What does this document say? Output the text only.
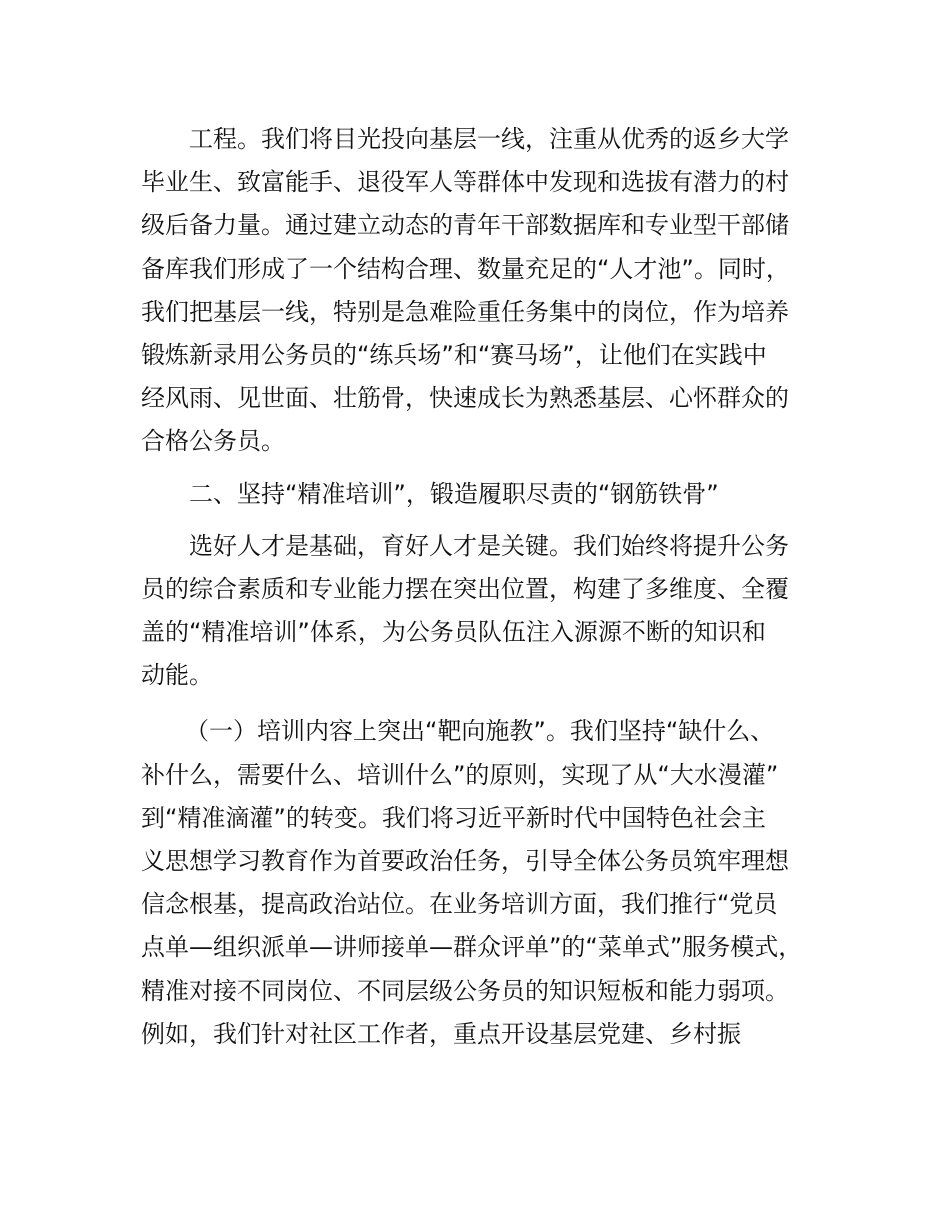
工程。我们将目光投向基层一线，注重从优秀的返乡大学
毕业生、致富能手、退役军人等群体中发现和选拔有潜力的村
级后备力量。通过建立动态的青年干部数据库和专业型干部储
备库我们形成了一个结构合理、数量充足的“人才池”。同时，
我们把基层一线，特别是急难险重任务集中的岗位，作为培养
锻炼新录用公务员的“练兵场”和“赛马场”，让他们在实践中
经风雨、见世面、壮筋骨，快速成长为熟悉基层、心怀群众的
合格公务员。
二、坚持“精准培训”，锻造履职尽责的“钢筋铁骨”
选好人才是基础，育好人才是关键。我们始终将提升公务
员的综合素质和专业能力摆在突出位置，构建了多维度、全覆
盖的“精准培训”体系，为公务员队伍注入源源不断的知识和
动能。
（一）培训内容上突出“靶向施教”。我们坚持“缺什么、
补什么，需要什么、培训什么”的原则，实现了从“大水漫灌”
到“精准滴灌”的转变。我们将习近平新时代中国特色社会主
义思想学习教育作为首要政治任务，引导全体公务员筑牢理想
信念根基，提高政治站位。在业务培训方面，我们推行“党员
点单—组织派单—讲师接单—群众评单”的“菜单式”服务模式，
精准对接不同岗位、不同层级公务员的知识短板和能力弱项。
例如，我们针对社区工作者，重点开设基层党建、乡村振
